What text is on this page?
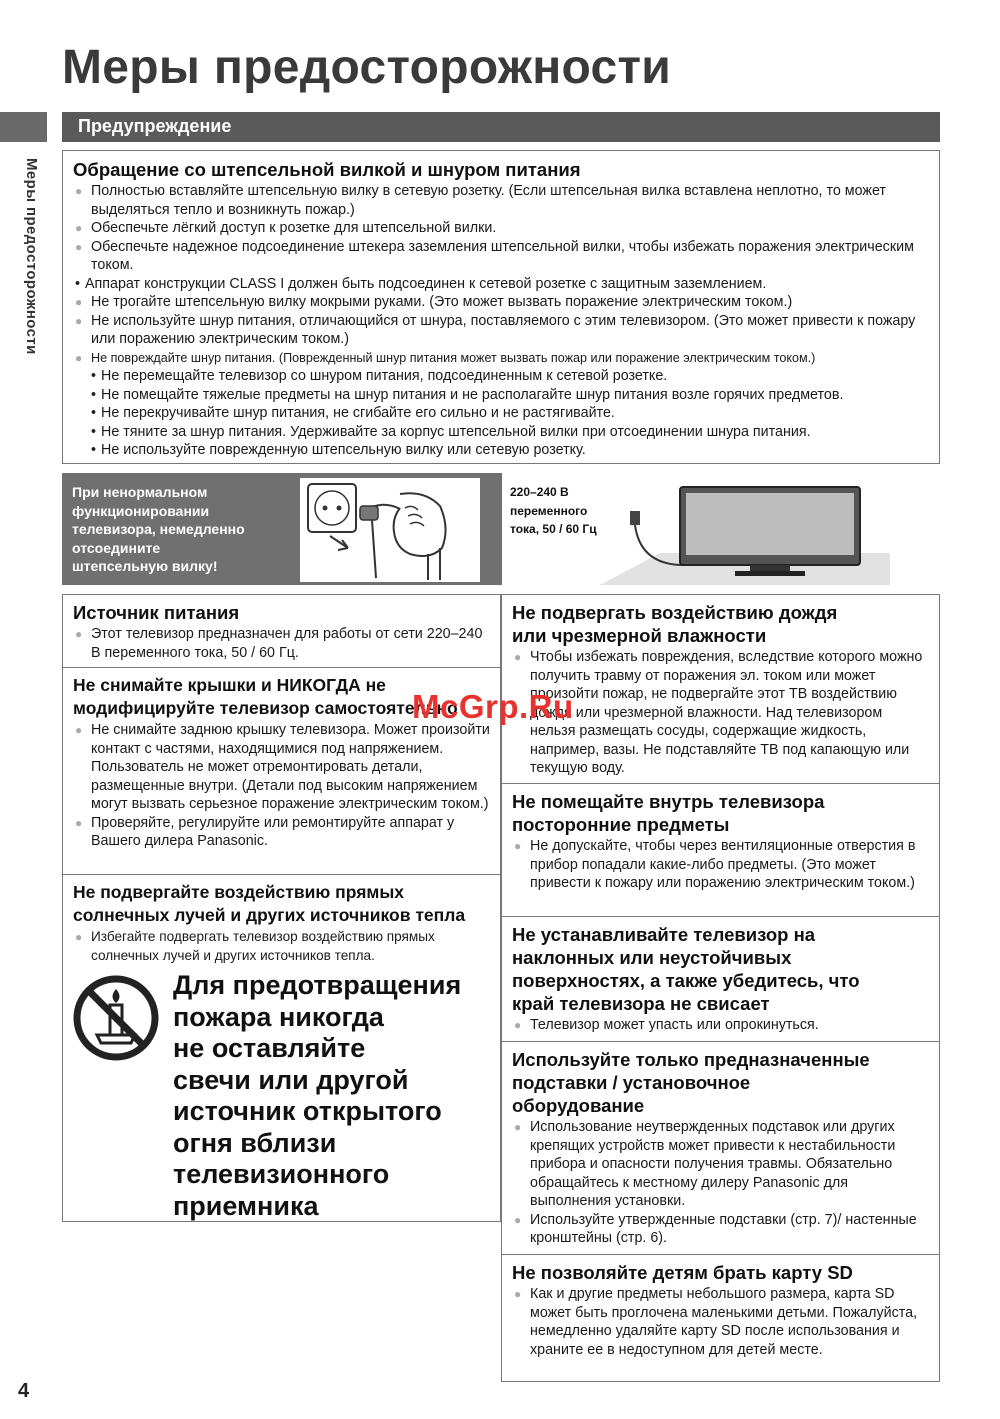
Меры предосторожности
Меры предосторожности
Предупреждение
Обращение со штепсельной вилкой и шнуром питания
● Полностью вставляйте штепсельную вилку в сетевую розетку. (Если штепсельная вилка вставлена неплотно, то может выделяться тепло и возникнуть пожар.)
● Обеспечьте лёгкий доступ к розетке для штепсельной вилки.
● Обеспечьте надежное подсоединение штекера заземления штепсельной вилки, чтобы избежать поражения электрическим током.
• Аппарат конструкции CLASS I должен быть подсоединен к сетевой розетке с защитным заземлением.
● Не трогайте штепсельную вилку мокрыми руками. (Это может вызвать поражение электрическим током.)
● Не используйте шнур питания, отличающийся от шнура, поставляемого с этим телевизором. (Это может привести к пожару или поражению электрическим током.)
● Не повреждайте шнур питания. (Поврежденный шнур питания может вызвать пожар или поражение электрическим током.)
• Не перемещайте телевизор со шнуром питания, подсоединенным к сетевой розетке.
• Не помещайте тяжелые предметы на шнур питания и не располагайте шнур питания возле горячих предметов.
• Не перекручивайте шнур питания, не сгибайте его сильно и не растягивайте.
• Не тяните за шнур питания. Удерживайте за корпус штепсельной вилки при отсоединении шнура питания.
• Не используйте поврежденную штепсельную вилку или сетевую розетку.
При ненормальном
функционировании
телевизора, немедленно
отсоедините
штепсельную вилку!
220–240 В
переменного
тока, 50 / 60 Гц
Источник питания
● Этот телевизор предназначен для работы от сети 220–240 В переменного тока, 50 / 60 Гц.
Не снимайте крышки и НИКОГДА не
модифицируйте телевизор самостоятельно
● Не снимайте заднюю крышку телевизора. Может произойти контакт с частями, находящимися под напряжением. Пользователь не может отремонтировать детали, размещенные внутри. (Детали под высоким напряжением могут вызвать серьезное поражение электрическим током.)
● Проверяйте, регулируйте или ремонтируйте аппарат у Вашего дилера Panasonic.
Не подвергайте воздействию прямых
солнечных лучей и других источников тепла
● Избегайте подвергать телевизор воздействию прямых солнечных лучей и других источников тепла.
Для предотвращения
пожара никогда
не оставляйте
свечи или другой
источник открытого
огня вблизи
телевизионного
приемника
Не подвергать воздействию дождя
или чрезмерной влажности
● Чтобы избежать повреждения, вследствие которого можно получить травму от поражения эл. током или может произойти пожар, не подвергайте этот ТВ воздействию дождя или чрезмерной влажности. Над телевизором нельзя размещать сосуды, содержащие жидкость, например, вазы. Не подставляйте ТВ под капающую или текущую воду.
Не помещайте внутрь телевизора
посторонние предметы
● Не допускайте, чтобы через вентиляционные отверстия в прибор попадали какие-либо предметы. (Это может привести к пожару или поражению электрическим током.)
Не устанавливайте телевизор на
наклонных или неустойчивых
поверхностях, а также убедитесь, что
край телевизора не свисает
● Телевизор может упасть или опрокинуться.
Используйте только предназначенные
подставки / установочное
оборудование
● Использование неутвержденных подставок или других крепящих устройств может привести к нестабильности прибора и опасности получения травмы. Обязательно обращайтесь к местному дилеру Panasonic для выполнения установки.
● Используйте утвержденные подставки (стр. 7)/ настенные кронштейны (стр. 6).
Не позволяйте детям брать карту SD
● Как и другие предметы небольшого размера, карта SD может быть проглочена маленькими детьми. Пожалуйста, немедленно удаляйте карту SD после использования и храните ее в недоступном для детей месте.
McGrp.Ru
4
